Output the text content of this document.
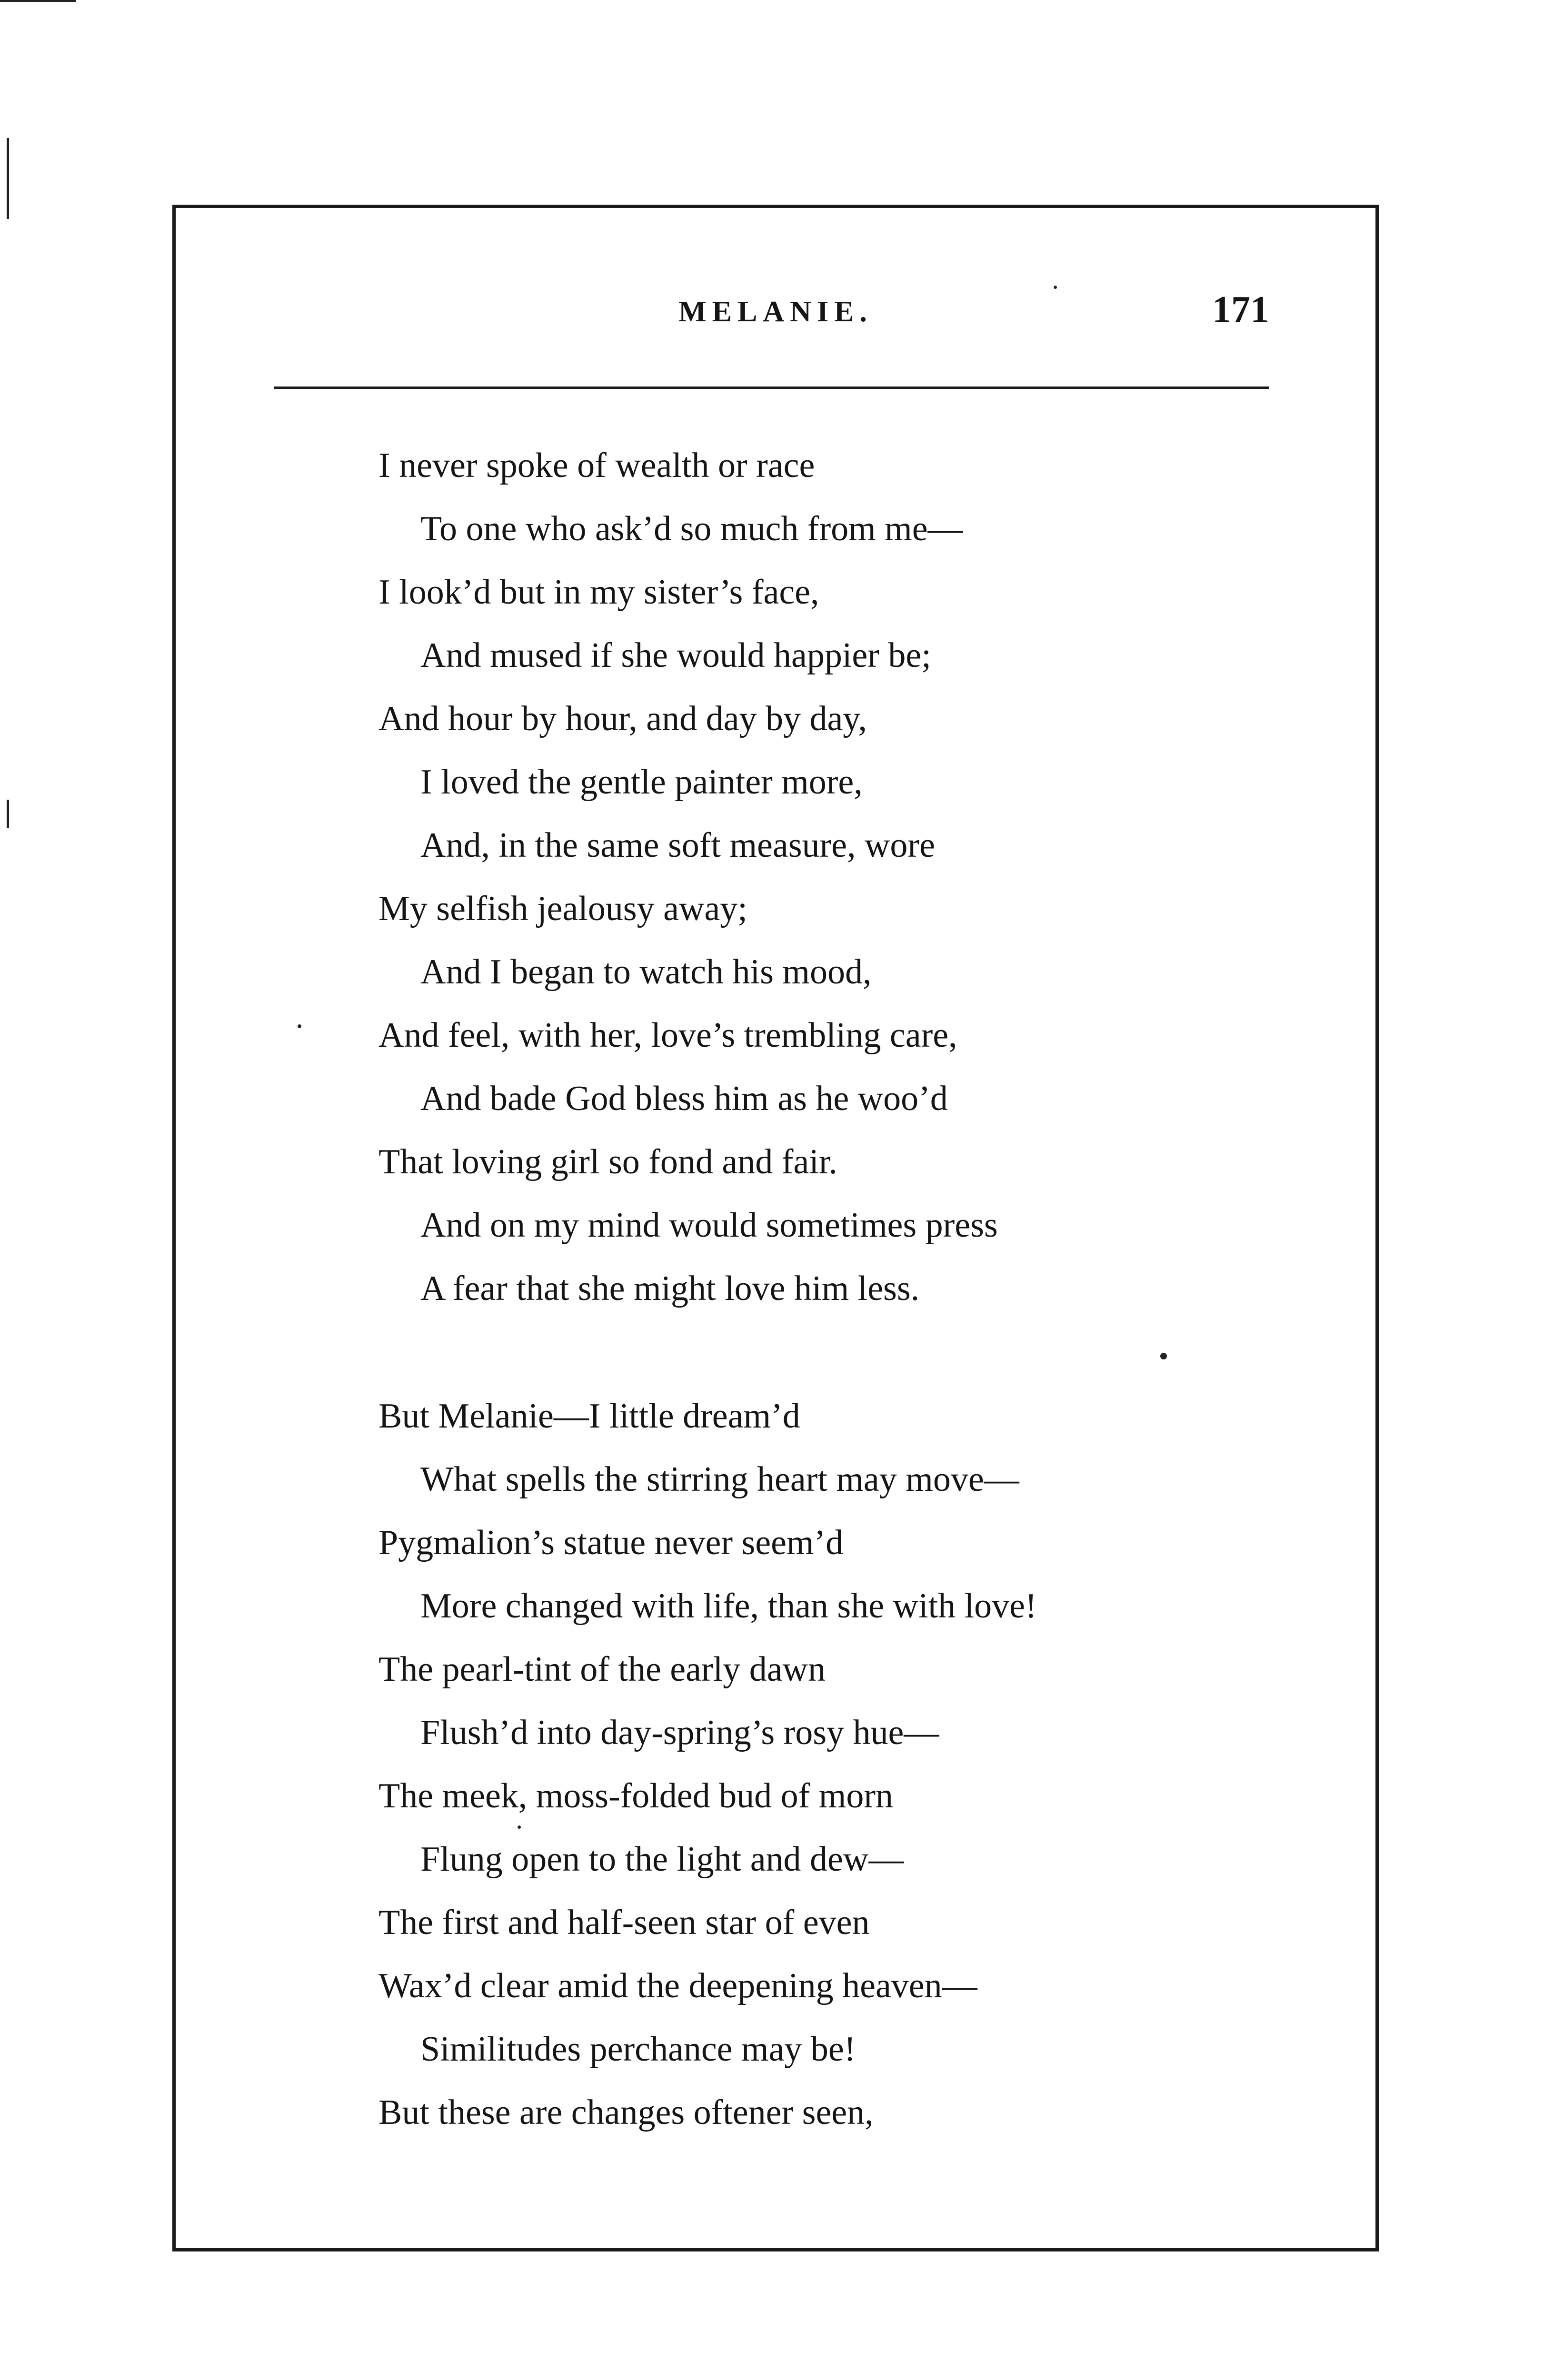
MELANIE.	171
I never spoke of wealth or race
To one who ask’d so much from me—
I look’d but in my sister’s face,
And mused if she would happier be;
And hour by hour, and day by day,
I loved the gentle painter more,
And, in the same soft measure, wore
My selfish jealousy away;
And I began to watch his mood,
And feel, with her, love’s trembling care,
And bade God bless him as he woo’d
That loving girl so fond and fair.
And on my mind would sometimes press
A fear that she might love him less.
But Melanie—I little dream’d
What spells the stirring heart may move—
Pygmalion’s statue never seem’d
More changed with life, than she with love!
The pearl-tint of the early dawn
Flush’d into day-spring’s rosy hue—
The meek, moss-folded bud of morn
Flung open to the light and dew—
The first and half-seen star of even
Wax’d clear amid the deepening heaven—
Similitudes perchance may be!
But these are changes oftener seen,
